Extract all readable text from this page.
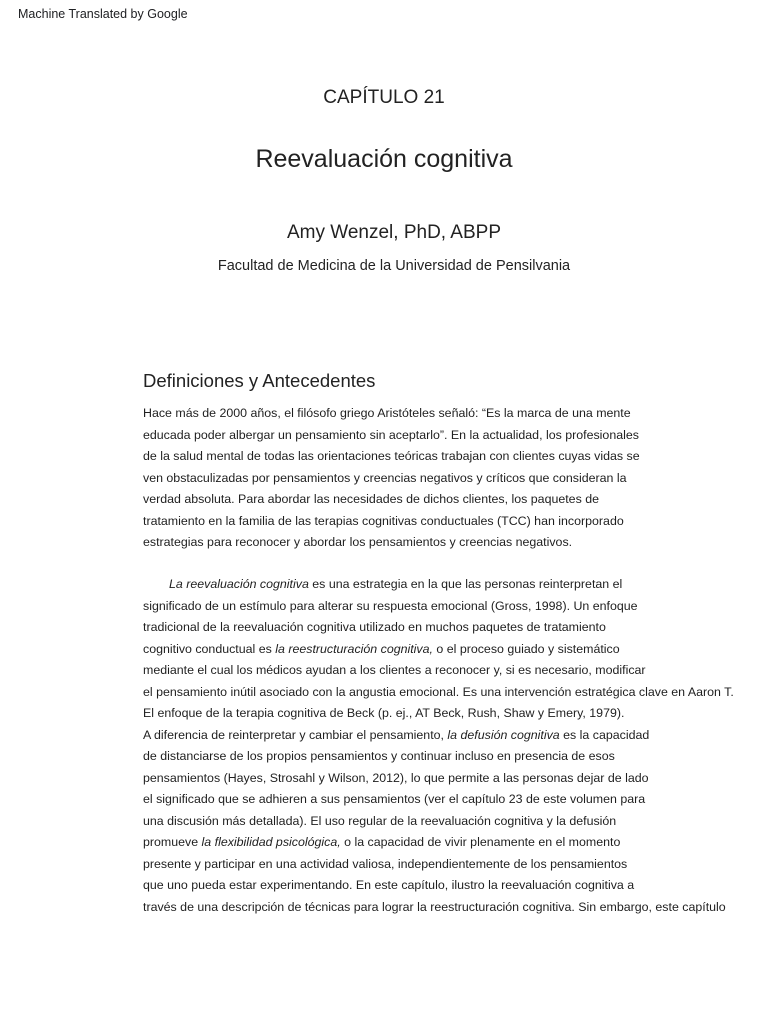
Machine Translated by Google
CAPÍTULO 21
Reevaluación cognitiva
Amy Wenzel, PhD, ABPP
Facultad de Medicina de la Universidad de Pensilvania
Definiciones y Antecedentes
Hace más de 2000 años, el filósofo griego Aristóteles señaló: “Es la marca de una mente
educada poder albergar un pensamiento sin aceptarlo”. En la actualidad, los profesionales
de la salud mental de todas las orientaciones teóricas trabajan con clientes cuyas vidas se
ven obstaculizadas por pensamientos y creencias negativos y críticos que consideran la
verdad absoluta. Para abordar las necesidades de dichos clientes, los paquetes de
tratamiento en la familia de las terapias cognitivas conductuales (TCC) han incorporado
estrategias para reconocer y abordar los pensamientos y creencias negativos.
La reevaluación cognitiva es una estrategia en la que las personas reinterpretan el
significado de un estímulo para alterar su respuesta emocional (Gross, 1998). Un enfoque
tradicional de la reevaluación cognitiva utilizado en muchos paquetes de tratamiento
cognitivo conductual es la reestructuración cognitiva, o el proceso guiado y sistemático
mediante el cual los médicos ayudan a los clientes a reconocer y, si es necesario, modificar
el pensamiento inútil asociado con la angustia emocional. Es una intervención estratégica clave en Aaron T.
El enfoque de la terapia cognitiva de Beck (p. ej., AT Beck, Rush, Shaw y Emery, 1979).
A diferencia de reinterpretar y cambiar el pensamiento, la defusión cognitiva es la capacidad
de distanciarse de los propios pensamientos y continuar incluso en presencia de esos
pensamientos (Hayes, Strosahl y Wilson, 2012), lo que permite a las personas dejar de lado
el significado que se adhieren a sus pensamientos (ver el capítulo 23 de este volumen para
una discusión más detallada). El uso regular de la reevaluación cognitiva y la defusión
promueve la flexibilidad psicológica, o la capacidad de vivir plenamente en el momento
presente y participar en una actividad valiosa, independientemente de los pensamientos
que uno pueda estar experimentando. En este capítulo, ilustro la reevaluación cognitiva a
través de una descripción de técnicas para lograr la reestructuración cognitiva. Sin embargo, este capítulo
